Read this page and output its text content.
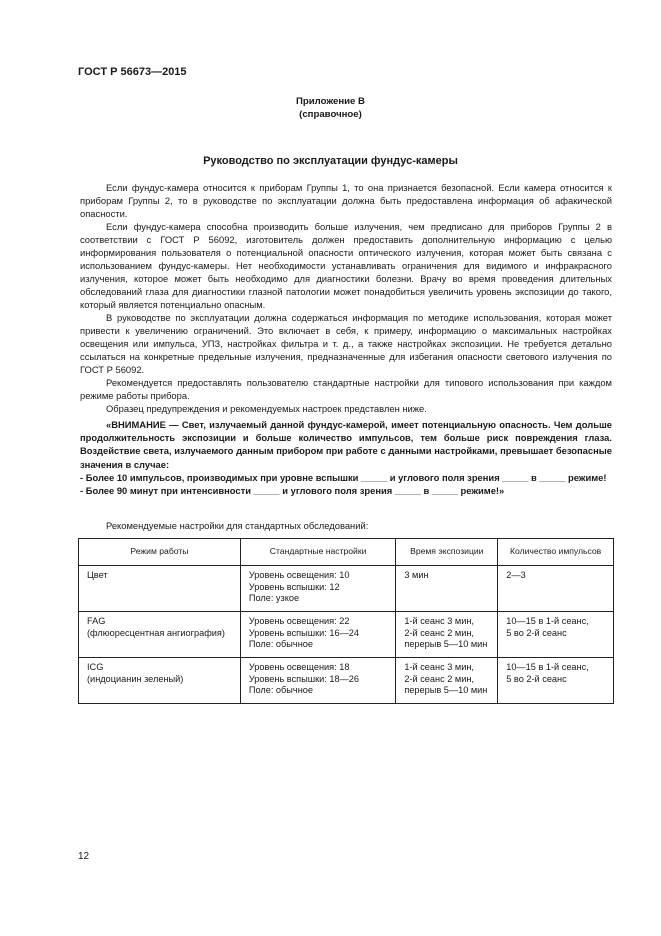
ГОСТ Р 56673—2015
Приложение В
(справочное)
Руководство по эксплуатации фундус-камеры

Если фундус-камера относится к приборам Группы 1, то она признается безопасной. Если камера относится к приборам Группы 2, то в руководстве по эксплуатации должна быть предоставлена информация об афакической опасности.

Если фундус-камера способна производить больше излучения, чем предписано для приборов Группы 2 в соответствии с ГОСТ Р 56092, изготовитель должен предоставить дополнительную информацию с целью информирования пользователя о потенциальной опасности оптического излучения, которая может быть связана с использованием фундус-камеры. Нет необходимости устанавливать ограничения для видимого и инфракрасного излучения, которое может быть необходимо для диагностики болезни. Врачу во время проведения длительных обследований глаза для диагностики глазной патологии может понадобиться увеличить уровень экспозиции до такого, который является потенциально опасным.

В руководстве по эксплуатации должна содержаться информация по методике использования, которая может привести к увеличению ограничений. Это включает в себя, к примеру, информацию о максимальных настройках освещения или импульса, УПЗ, настройках фильтра и т. д., а также настройках экспозиции. Не требуется детально ссылаться на конкретные предельные излучения, предназначенные для избегания опасности светового излучения по ГОСТ Р 56092.

Рекомендуется предоставлять пользователю стандартные настройки для типового использования при каждом режиме работы прибора.

Образец предупреждения и рекомендуемых настроек представлен ниже.

«ВНИМАНИЕ — Свет, излучаемый данной фундус-камерой, имеет потенциальную опасность. Чем дольше продолжительность экспозиции и больше количество импульсов, тем больше риск повреждения глаза. Воздействие света, излучаемого данным прибором при работе с данными настройками, превышает безопасные значения в случае:

- Более 10 импульсов, производимых при уровне вспышки _____ и углового поля зрения _____ в _____ режиме!

- Более 90 минут при интенсивности _____ и углового поля зрения _____ в _____ режиме!»

Рекомендуемые настройки для стандартных обследований:
Режим работы	Стандартные настройки	Время экспозиции	Количество импульсов

Цвет	Уровень освещения: 10
Уровень вспышки: 12
Поле: узкое	3 мин	2—3

FAG
(флюоресцентная ангиография)	Уровень освещения: 22
Уровень вспышки: 16—24
Поле: обычное	1-й сеанс 3 мин,
2-й сеанс 2 мин,
перерыв 5—10 мин	10—15 в 1-й сеанс,
5 во 2-й сеанс

ICG
(индоцианин зеленый)	Уровень освещения: 18
Уровень вспышки: 18—26
Поле: обычное	1-й сеанс 3 мин,
2-й сеанс 2 мин,
перерыв 5—10 мин	10—15 в 1-й сеанс,
5 во 2-й сеанс
12
